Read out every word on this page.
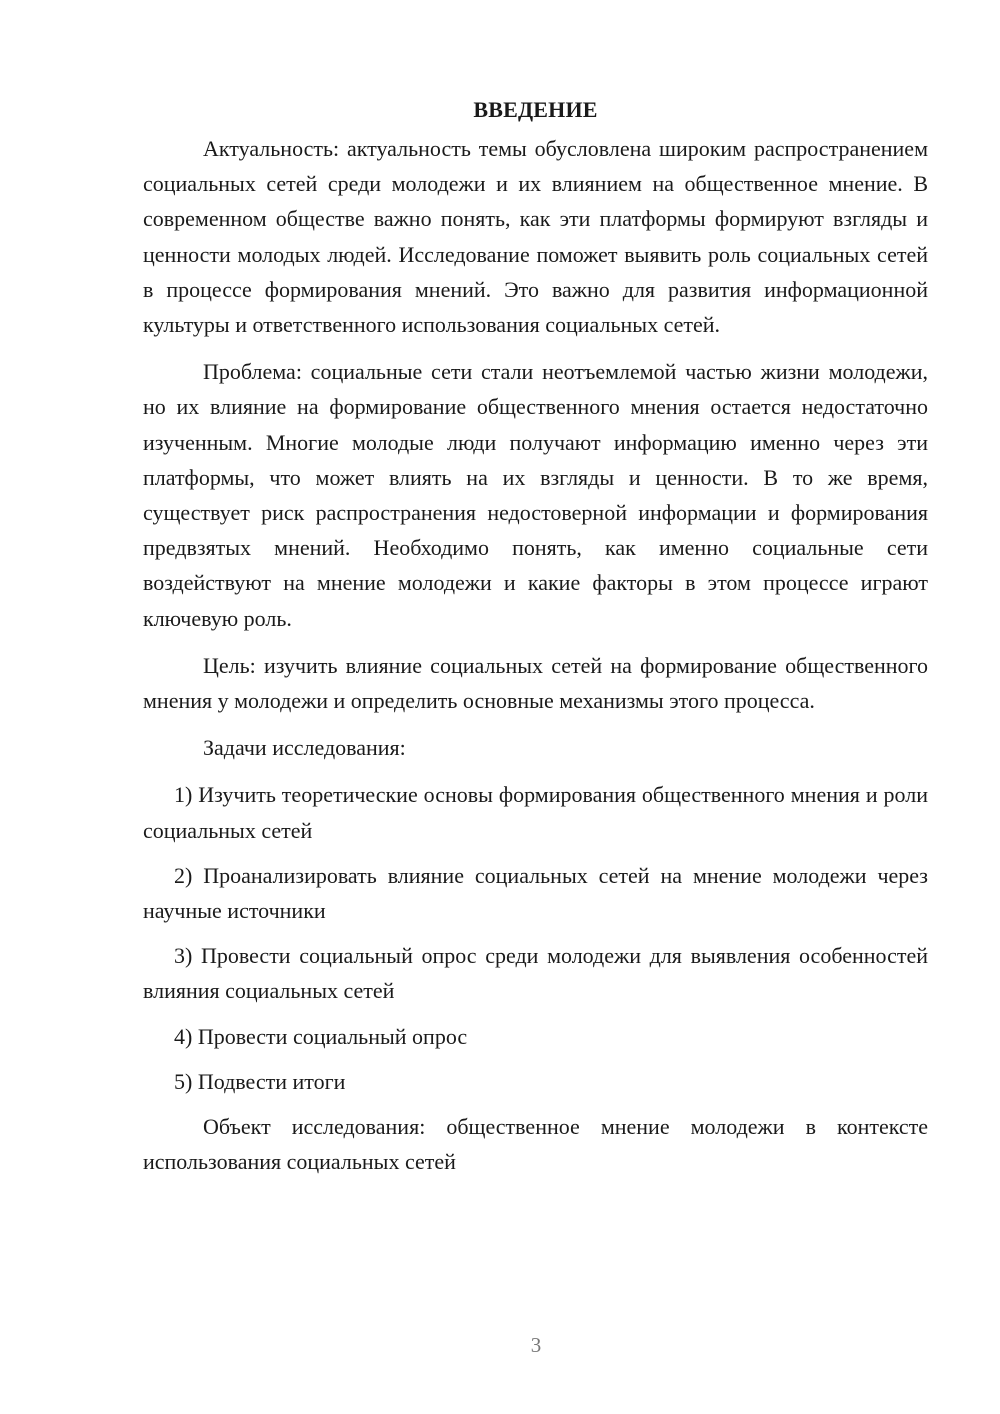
ВВЕДЕНИЕ

Актуальность: актуальность темы обусловлена широким распространением социальных сетей среди молодежи и их влиянием на общественное мнение. В современном обществе важно понять, как эти платформы формируют взгляды и ценности молодых людей. Исследование поможет выявить роль социальных сетей в процессе формирования мнений. Это важно для развития информационной культуры и ответственного использования социальных сетей.

Проблема: социальные сети стали неотъемлемой частью жизни молодежи, но их влияние на формирование общественного мнения остается недостаточно изученным. Многие молодые люди получают информацию именно через эти платформы, что может влиять на их взгляды и ценности. В то же время, существует риск распространения недостоверной информации и формирования предвзятых мнений. Необходимо понять, как именно социальные сети воздействуют на мнение молодежи и какие факторы в этом процессе играют ключевую роль.

Цель: изучить влияние социальных сетей на формирование общественного мнения у молодежи и определить основные механизмы этого процесса.

Задачи исследования:

1) Изучить теоретические основы формирования общественного мнения и роли социальных сетей

2) Проанализировать влияние социальных сетей на мнение молодежи через научные источники

3) Провести социальный опрос среди молодежи для выявления особенностей влияния социальных сетей

4) Провести социальный опрос

5) Подвести итоги

Объект исследования: общественное мнение молодежи в контексте использования социальных сетей

3
